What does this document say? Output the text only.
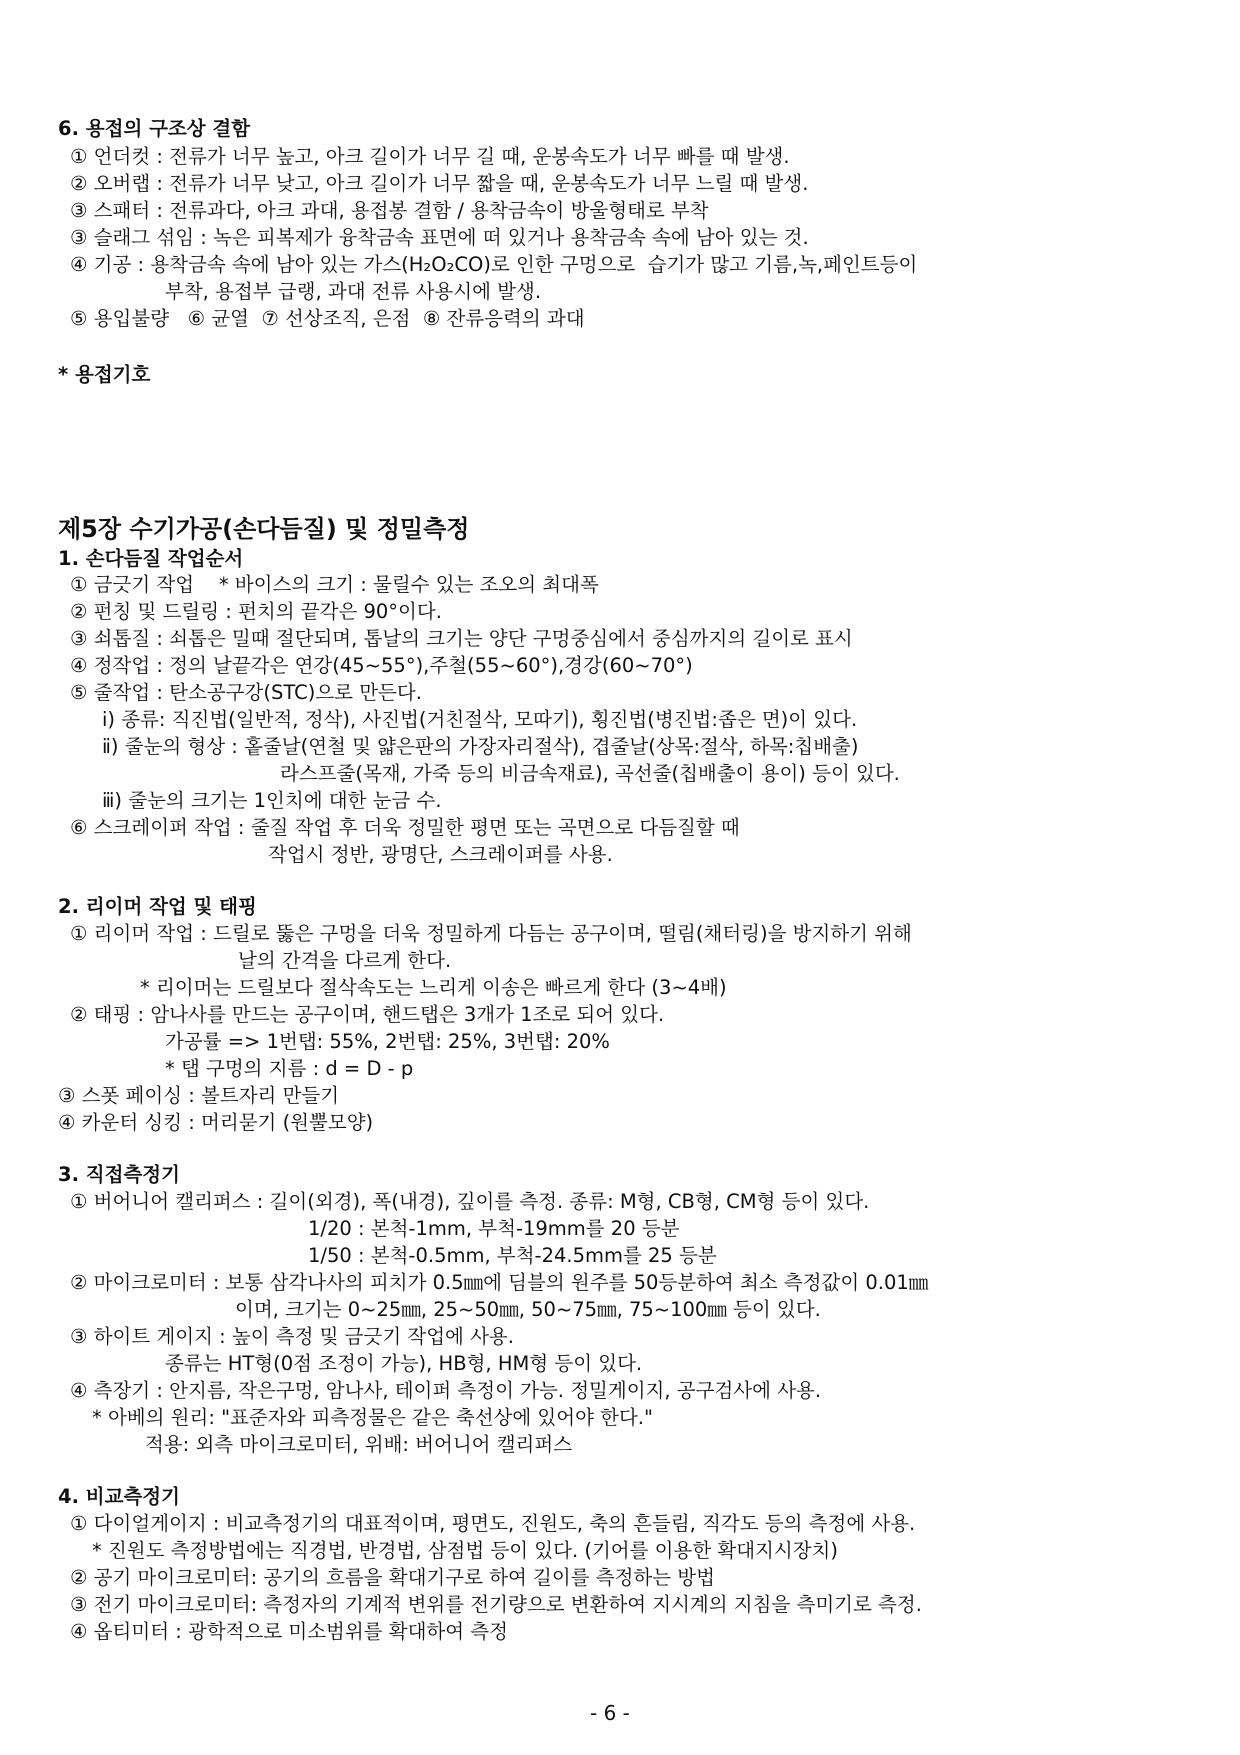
6. 용접의 구조상 결함
① 언더컷 : 전류가 너무 높고, 아크 길이가 너무 길 때, 운봉속도가 너무 빠를 때 발생.
② 오버랩 : 전류가 너무 낮고, 아크 길이가 너무 짧을 때, 운봉속도가 너무 느릴 때 발생.
③ 스패터 : 전류과다, 아크 과대, 용접봉 결함 / 용착금속이 방울형태로 부착
③ 슬래그 섞임 : 녹은 피복제가 융착금속 표면에 떠 있거나 용착금속 속에 남아 있는 것.
④ 기공 : 용착금속 속에 남아 있는 가스(H₂O₂CO)로 인한 구멍으로  습기가 많고 기름,녹,페인트등이
부착, 용접부 급랭, 과대 전류 사용시에 발생.
⑤ 용입불량   ⑥ 균열  ⑦ 선상조직, 은점  ⑧ 잔류응력의 과대
* 용접기호
제5장 수기가공(손다듬질) 및 정밀측정
1. 손다듬질 작업순서
① 금긋기 작업    * 바이스의 크기 : 물릴수 있는 조오의 최대폭
② 펀칭 및 드릴링 : 펀치의 끝각은 90°이다.
③ 쇠톱질 : 쇠톱은 밀때 절단되며, 톱날의 크기는 양단 구멍중심에서 중심까지의 길이로 표시
④ 정작업 : 정의 날끝각은 연강(45~55°),주철(55~60°),경강(60~70°)
⑤ 줄작업 : 탄소공구강(STC)으로 만든다.
ⅰ) 종류: 직진법(일반적, 정삭), 사진법(거친절삭, 모따기), 횡진법(병진법:좁은 면)이 있다.
ⅱ) 줄눈의 형상 : 홑줄날(연철 및 얇은판의 가장자리절삭), 겹줄날(상목:절삭, 하목:칩배출)
라스프줄(목재, 가죽 등의 비금속재료), 곡선줄(칩배출이 용이) 등이 있다.
ⅲ) 줄눈의 크기는 1인치에 대한 눈금 수.
⑥ 스크레이퍼 작업 : 줄질 작업 후 더욱 정밀한 평면 또는 곡면으로 다듬질할 때
작업시 정반, 광명단, 스크레이퍼를 사용.
2. 리이머 작업 및 태핑
① 리이머 작업 : 드릴로 뚫은 구멍을 더욱 정밀하게 다듬는 공구이며, 떨림(채터링)을 방지하기 위해
날의 간격을 다르게 한다.
* 리이머는 드릴보다 절삭속도는 느리게 이송은 빠르게 한다 (3~4배)
② 태핑 : 암나사를 만드는 공구이며, 핸드탭은 3개가 1조로 되어 있다.
가공률 => 1번탭: 55%, 2번탭: 25%, 3번탭: 20%
* 탭 구멍의 지름 : d = D - p
③ 스폿 페이싱 : 볼트자리 만들기
④ 카운터 싱킹 : 머리묻기 (원뿔모양)
3. 직접측정기
① 버어니어 캘리퍼스 : 길이(외경), 폭(내경), 깊이를 측정. 종류: M형, CB형, CM형 등이 있다.
1/20 : 본척-1mm, 부척-19mm를 20 등분
1/50 : 본척-0.5mm, 부척-24.5mm를 25 등분
② 마이크로미터 : 보통 삼각나사의 피치가 0.5㎜에 딤블의 원주를 50등분하여 최소 측정값이 0.01㎜
이며, 크기는 0~25㎜, 25~50㎜, 50~75㎜, 75~100㎜ 등이 있다.
③ 하이트 게이지 : 높이 측정 및 금긋기 작업에 사용.
종류는 HT형(0점 조정이 가능), HB형, HM형 등이 있다.
④ 측장기 : 안지름, 작은구멍, 암나사, 테이퍼 측정이 가능. 정밀게이지, 공구검사에 사용.
* 아베의 원리: "표준자와 피측정물은 같은 축선상에 있어야 한다."
적용: 외측 마이크로미터, 위배: 버어니어 캘리퍼스
4. 비교측정기
① 다이얼게이지 : 비교측정기의 대표적이며, 평면도, 진원도, 축의 흔들림, 직각도 등의 측정에 사용.
* 진원도 측정방법에는 직경법, 반경법, 삼점법 등이 있다. (기어를 이용한 확대지시장치)
② 공기 마이크로미터: 공기의 흐름을 확대기구로 하여 길이를 측정하는 방법
③ 전기 마이크로미터: 측정자의 기계적 변위를 전기량으로 변환하여 지시계의 지침을 측미기로 측정.
④ 옵티미터 : 광학적으로 미소범위를 확대하여 측정
- 6 -
